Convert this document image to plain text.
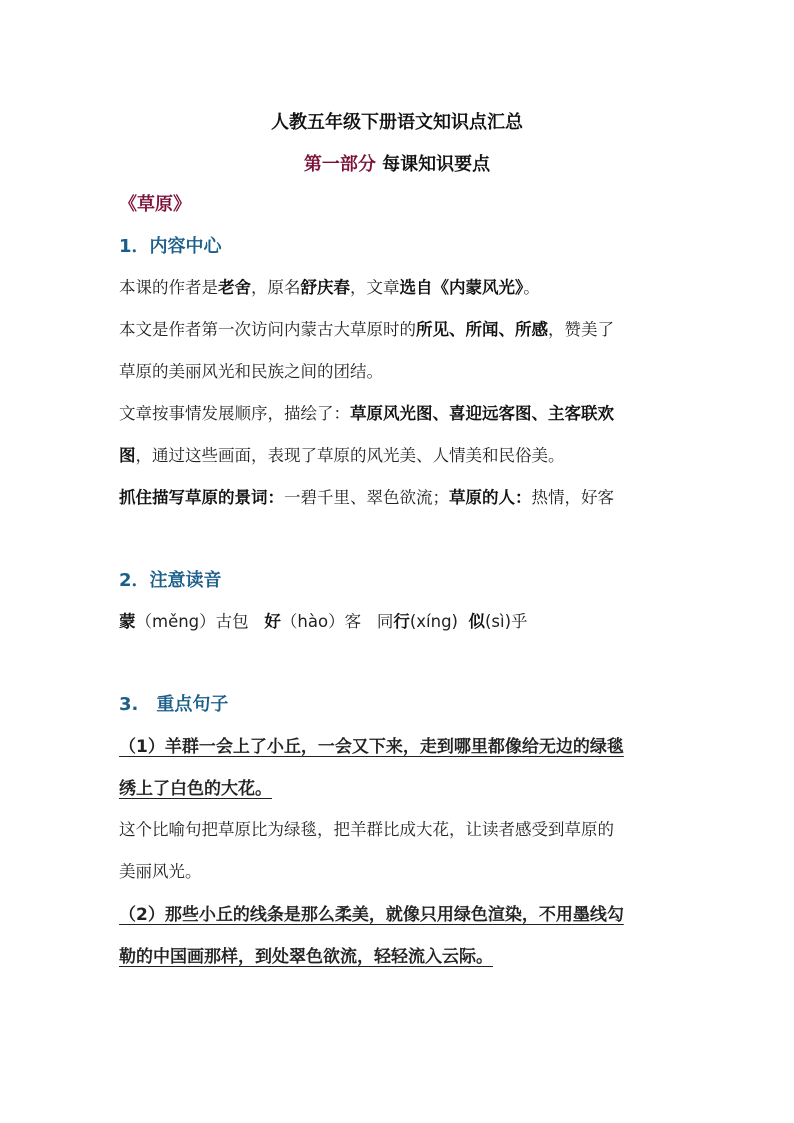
人教五年级下册语文知识点汇总
第一部分 每课知识要点
《草原》
1．内容中心
本课的作者是老舍，原名舒庆春，文章选自《内蒙风光》。
本文是作者第一次访问内蒙古大草原时的所见、所闻、所感，赞美了
草原的美丽风光和民族之间的团结。
文章按事情发展顺序，描绘了：草原风光图、喜迎远客图、主客联欢
图，通过这些画面，表现了草原的风光美、人情美和民俗美。
抓住描写草原的景词：一碧千里、翠色欲流；草原的人：热情，好客
2．注意读音
蒙（měng）古包 好（hào）客 同行(xíng) 似(sì)乎
3.　重点句子
（1）羊群一会上了小丘，一会又下来，走到哪里都像给无边的绿毯
绣上了白色的大花。
这个比喻句把草原比为绿毯，把羊群比成大花，让读者感受到草原的
美丽风光。
（2）那些小丘的线条是那么柔美，就像只用绿色渲染，不用墨线勾
勒的中国画那样，到处翠色欲流，轻轻流入云际。
